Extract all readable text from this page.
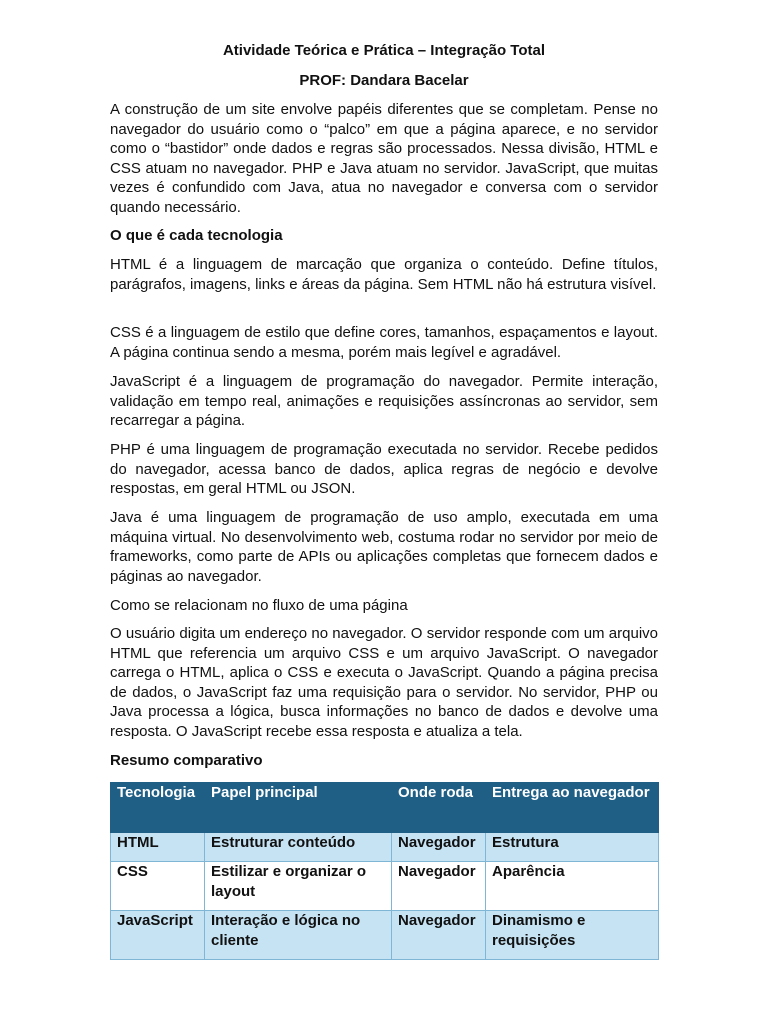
Atividade Teórica e Prática – Integração Total
PROF: Dandara Bacelar

A construção de um site envolve papéis diferentes que se completam. Pense no navegador do usuário como o “palco” em que a página aparece, e no servidor como o “bastidor” onde dados e regras são processados. Nessa divisão, HTML e CSS atuam no navegador. PHP e Java atuam no servidor. JavaScript, que muitas vezes é confundido com Java, atua no navegador e conversa com o servidor quando necessário.

O que é cada tecnologia

HTML é a linguagem de marcação que organiza o conteúdo. Define títulos, parágrafos, imagens, links e áreas da página. Sem HTML não há estrutura visível.

CSS é a linguagem de estilo que define cores, tamanhos, espaçamentos e layout. A página continua sendo a mesma, porém mais legível e agradável.

JavaScript é a linguagem de programação do navegador. Permite interação, validação em tempo real, animações e requisições assíncronas ao servidor, sem recarregar a página.

PHP é uma linguagem de programação executada no servidor. Recebe pedidos do navegador, acessa banco de dados, aplica regras de negócio e devolve respostas, em geral HTML ou JSON.

Java é uma linguagem de programação de uso amplo, executada em uma máquina virtual. No desenvolvimento web, costuma rodar no servidor por meio de frameworks, como parte de APIs ou aplicações completas que fornecem dados e páginas ao navegador.

Como se relacionam no fluxo de uma página

O usuário digita um endereço no navegador. O servidor responde com um arquivo HTML que referencia um arquivo CSS e um arquivo JavaScript. O navegador carrega o HTML, aplica o CSS e executa o JavaScript. Quando a página precisa de dados, o JavaScript faz uma requisição para o servidor. No servidor, PHP ou Java processa a lógica, busca informações no banco de dados e devolve uma resposta. O JavaScript recebe essa resposta e atualiza a tela.

Resumo comparativo
Tecnologia	Papel principal	Onde roda	Entrega ao navegador
HTML	Estruturar conteúdo	Navegador	Estrutura
CSS	Estilizar e organizar o layout	Navegador	Aparência
JavaScript	Interação e lógica no cliente	Navegador	Dinamismo e requisições
